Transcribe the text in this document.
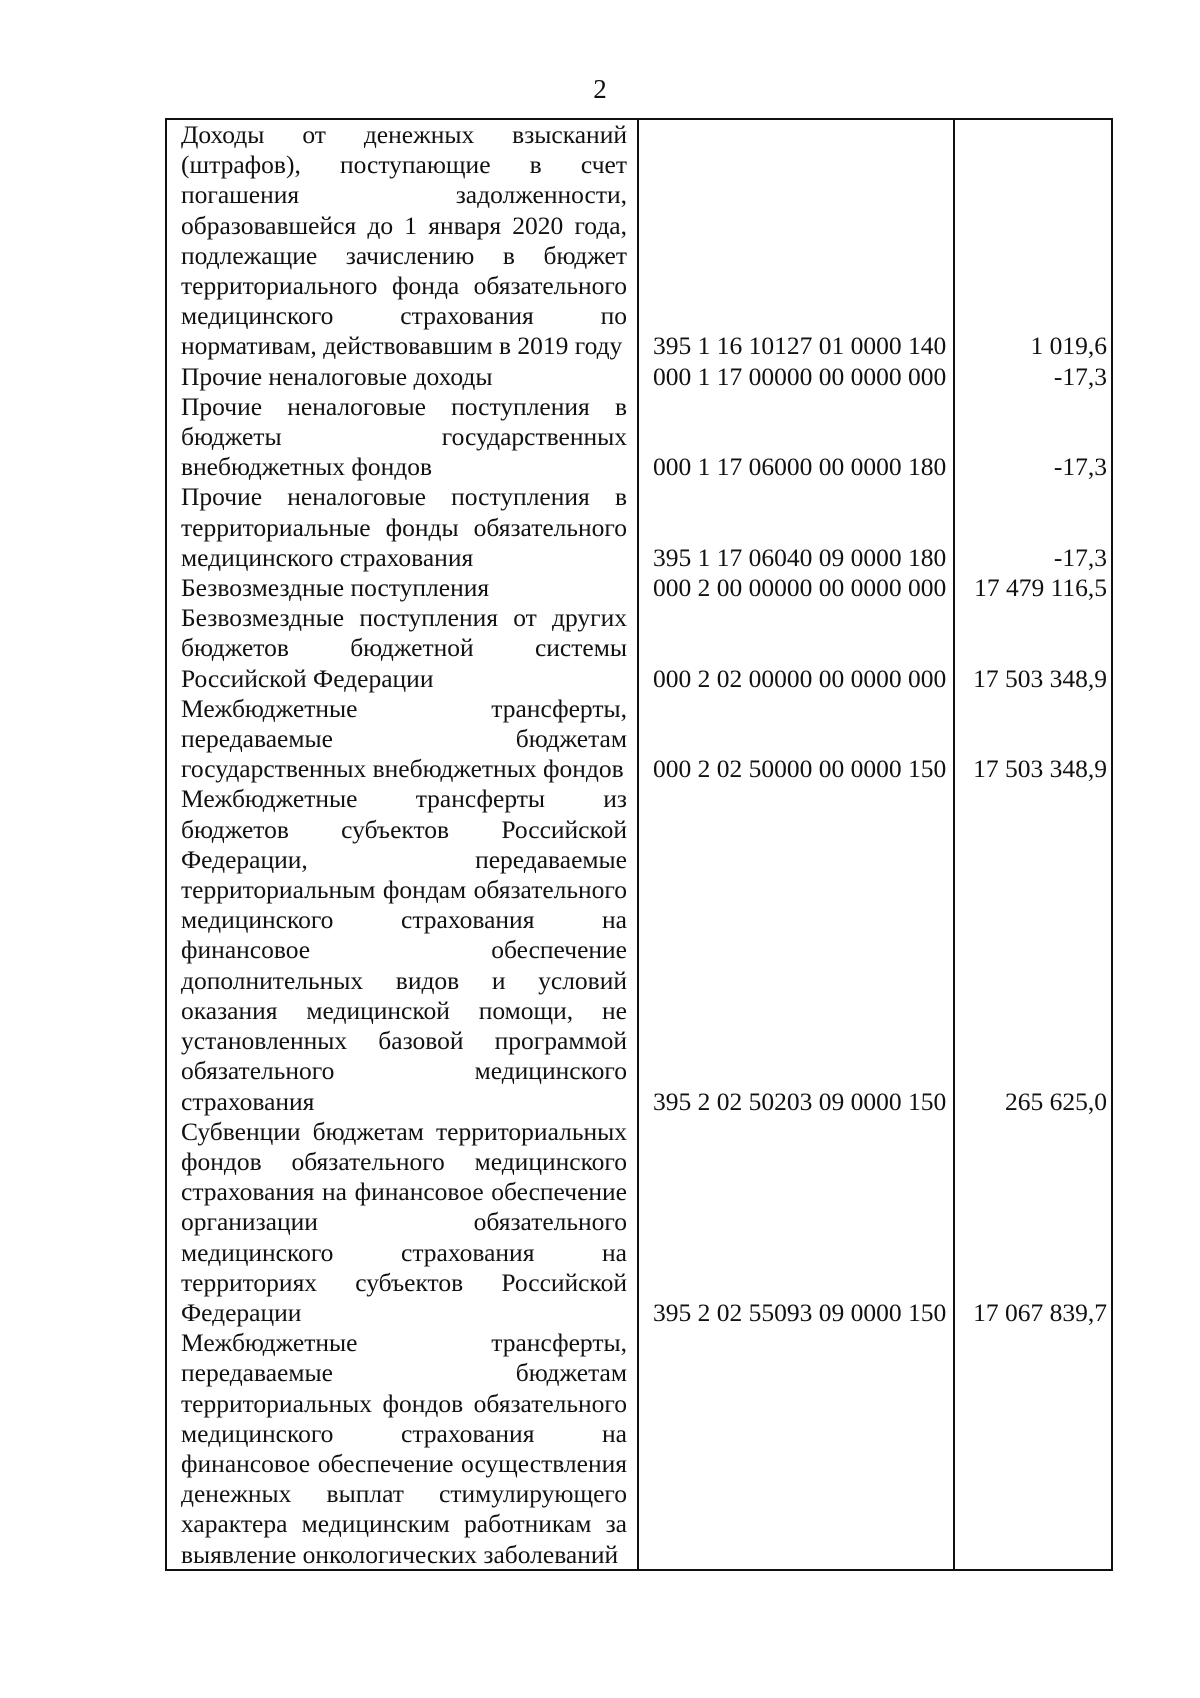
2
Доходы от денежных взысканий (штрафов), поступающие в счет погашения задолженности, образовавшейся до 1 января 2020 года, подлежащие зачислению в бюджет территориального фонда обязательного медицинского страхования по нормативам, действовавшим в 2019 году	395 1 16 10127 01 0000 140	1 019,6
Прочие неналоговые доходы	000 1 17 00000 00 0000 000	-17,3
Прочие неналоговые поступления в бюджеты государственных внебюджетных фондов	000 1 17 06000 00 0000 180	-17,3
Прочие неналоговые поступления в территориальные фонды обязательного медицинского страхования	395 1 17 06040 09 0000 180	-17,3
Безвозмездные поступления	000 2 00 00000 00 0000 000	17 479 116,5
Безвозмездные поступления от других бюджетов бюджетной системы Российской Федерации	000 2 02 00000 00 0000 000	17 503 348,9
Межбюджетные трансферты, передаваемые бюджетам государственных внебюджетных фондов	000 2 02 50000 00 0000 150	17 503 348,9
Межбюджетные трансферты из бюджетов субъектов Российской Федерации, передаваемые территориальным фондам обязательного медицинского страхования на финансовое обеспечение дополнительных видов и условий оказания медицинской помощи, не установленных базовой программой обязательного медицинского страхования	395 2 02 50203 09 0000 150	265 625,0
Субвенции бюджетам территориальных фондов обязательного медицинского страхования на финансовое обеспечение организации обязательного медицинского страхования на территориях субъектов Российской Федерации	395 2 02 55093 09 0000 150	17 067 839,7
Межбюджетные трансферты, передаваемые бюджетам территориальных фондов обязательного медицинского страхования на финансовое обеспечение осуществления денежных выплат стимулирующего характера медицинским работникам за выявление онкологических заболеваний
